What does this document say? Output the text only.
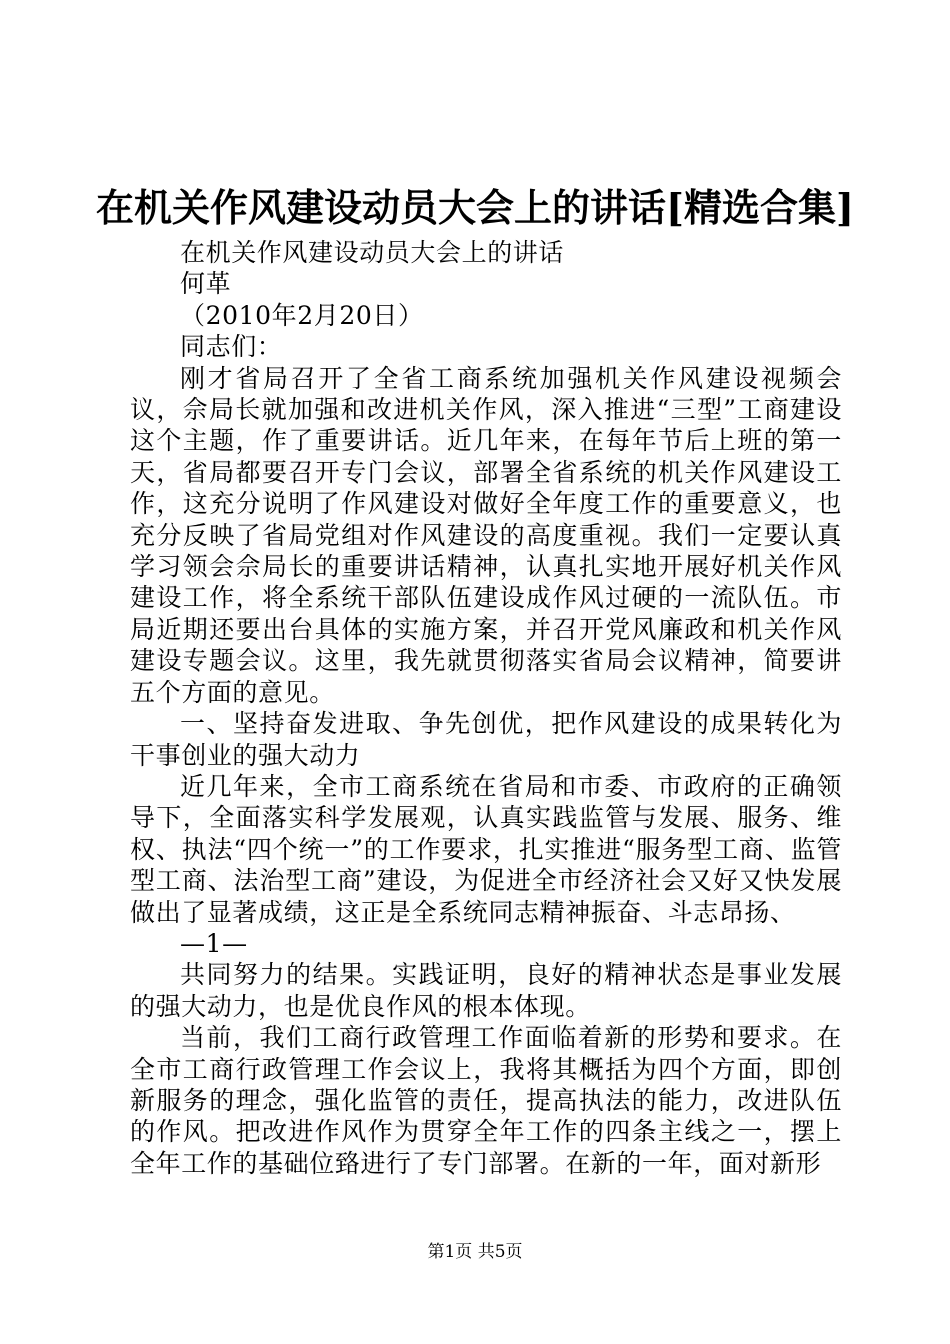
在机关作风建设动员大会上的讲话[精选合集]

在机关作风建设动员大会上的讲话

何革

（2010年2月20日）

同志们：

刚才省局召开了全省工商系统加强机关作风建设视频会议，佘局长就加强和改进机关作风，深入推进“三型”工商建设这个主题，作了重要讲话。近几年来，在每年节后上班的第一天，省局都要召开专门会议，部署全省系统的机关作风建设工作，这充分说明了作风建设对做好全年度工作的重要意义，也充分反映了省局党组对作风建设的高度重视。我们一定要认真学习领会佘局长的重要讲话精神，认真扎实地开展好机关作风建设工作，将全系统干部队伍建设成作风过硬的一流队伍。市局近期还要出台具体的实施方案，并召开党风廉政和机关作风建设专题会议。这里，我先就贯彻落实省局会议精神，简要讲五个方面的意见。

一、坚持奋发进取、争先创优，把作风建设的成果转化为干事创业的强大动力

近几年来，全市工商系统在省局和市委、市政府的正确领导下，全面落实科学发展观，认真实践监管与发展、服务、维权、执法“四个统一”的工作要求，扎实推进“服务型工商、监管型工商、法治型工商”建设，为促进全市经济社会又好又快发展做出了显著成绩，这正是全系统同志精神振奋、斗志昂扬、

—1—

共同努力的结果。实践证明，良好的精神状态是事业发展的强大动力，也是优良作风的根本体现。

当前，我们工商行政管理工作面临着新的形势和要求。在全市工商行政管理工作会议上，我将其概括为四个方面，即创新服务的理念，强化监管的责任，提高执法的能力，改进队伍的作风。把改进作风作为贯穿全年工作的四条主线之一，摆上全年工作的基础位臵进行了专门部署。在新的一年，面对新形

第1页 共5页
